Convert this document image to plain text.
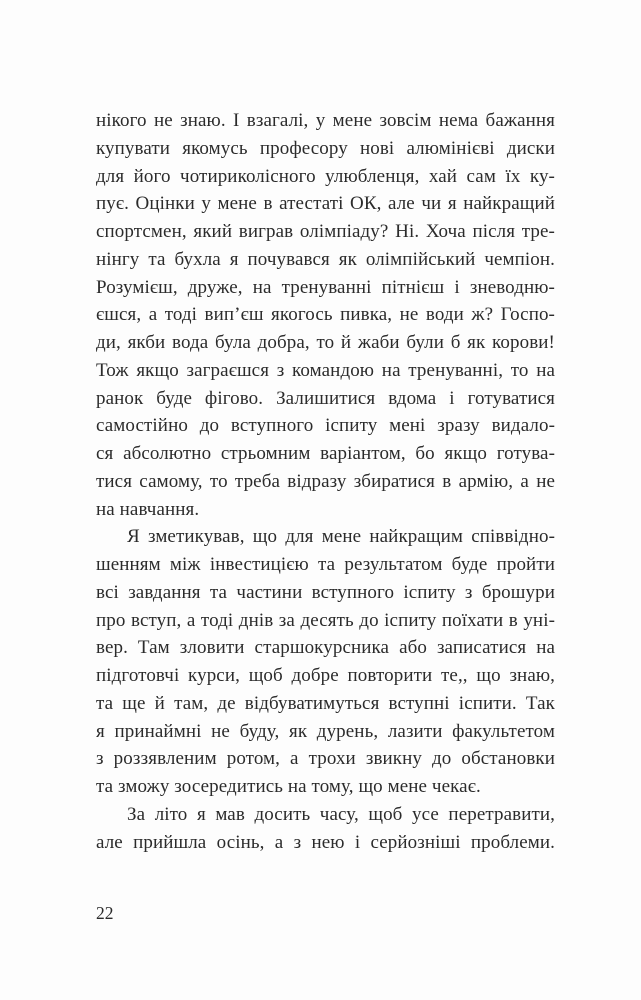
нікого не знаю. І взагалі, у мене зовсім нема бажання
купувати якомусь професору нові алюмінієві диски
для його чотириколісного улюбленця, хай сам їх ку-
пує. Оцінки у мене в атестаті ОК, але чи я найкращий
спортсмен, який виграв олімпіаду? Ні. Хоча після тре-
нінгу та бухла я почувався як олімпійський чемпіон.
Розумієш, друже, на тренуванні пітнієш і зневодню-
єшся, а тоді вип’єш якогось пивка, не води ж? Госпо-
ди, якби вода була добра, то й жаби були б як корови!
Тож якщо заграєшся з командою на тренуванні, то на
ранок буде фігово. Залишитися вдома і готуватися
самостійно до вступного іспиту мені зразу видало-
ся абсолютно стрьомним варіантом, бо якщо готува-
тися самому, то треба відразу збиратися в армію, а не
на навчання.
Я зметикував, що для мене найкращим співвідно-
шенням між інвестицією та результатом буде пройти
всі завдання та частини вступного іспиту з брошури
про вступ, а тоді днів за десять до іспиту поїхати в уні-
вер. Там зловити старшокурсника або записатися на
підготовчі курси, щоб добре повторити те,, що знаю,
та ще й там, де відбуватимуться вступні іспити. Так
я принаймні не буду, як дурень, лазити факультетом
з роззявленим ротом, а трохи звикну до обстановки
та зможу зосередитись на тому, що мене чекає.
За літо я мав досить часу, щоб усе перетравити,
але прийшла осінь, а з нею і серйозніші проблеми.
22
